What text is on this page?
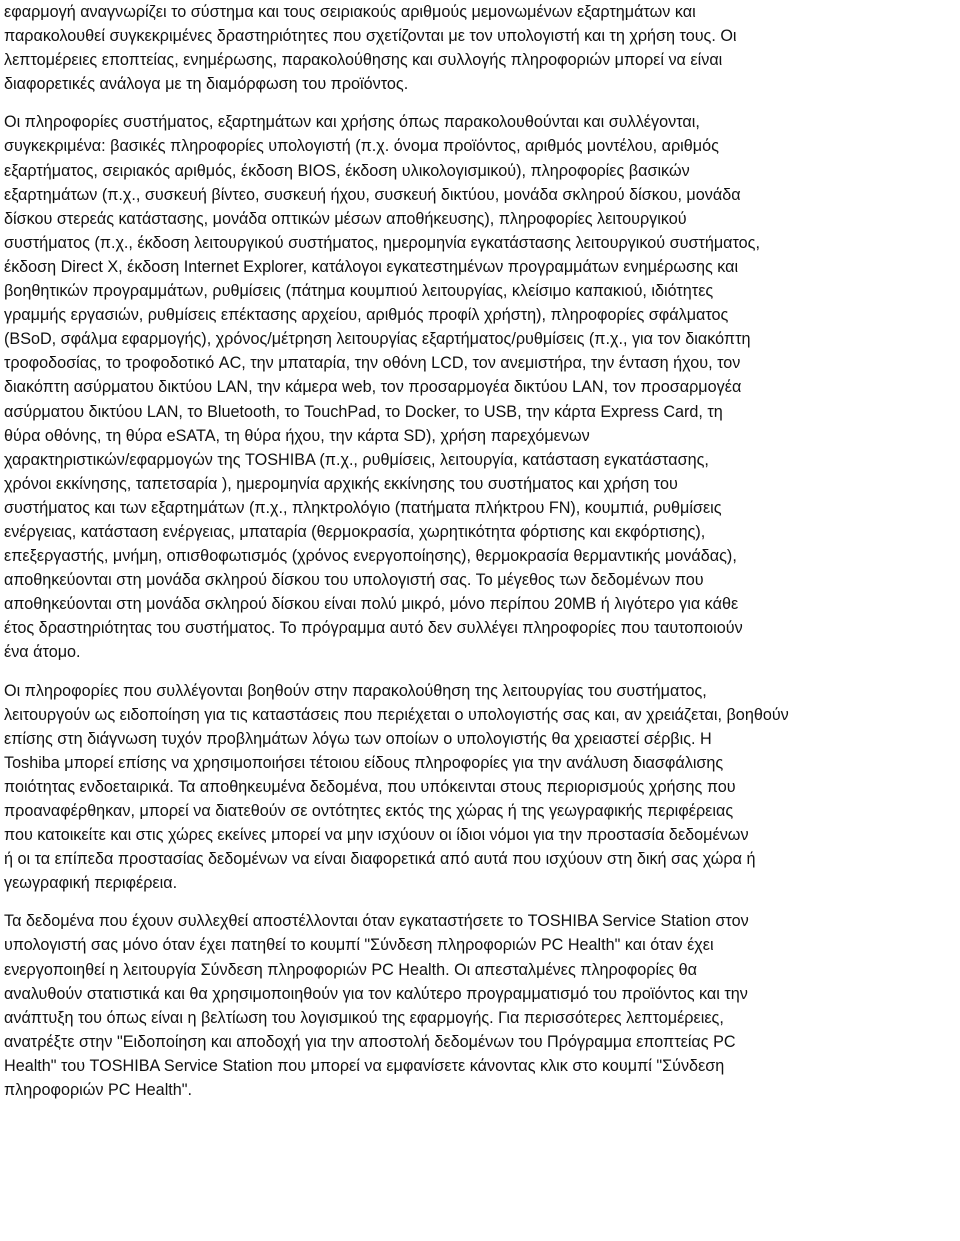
εφαρμογή αναγνωρίζει το σύστημα και τους σειριακούς αριθμούς μεμονωμένων εξαρτημάτων και
παρακολουθεί συγκεκριμένες δραστηριότητες που σχετίζονται με τον υπολογιστή και τη χρήση τους. Οι
λεπτομέρειες εποπτείας, ενημέρωσης, παρακολούθησης και συλλογής πληροφοριών μπορεί να είναι
διαφορετικές ανάλογα με τη διαμόρφωση του προϊόντος.

Οι πληροφορίες συστήματος, εξαρτημάτων και χρήσης όπως παρακολουθούνται και συλλέγονται,
συγκεκριμένα: βασικές πληροφορίες υπολογιστή (π.χ. όνομα προϊόντος, αριθμός μοντέλου, αριθμός
εξαρτήματος, σειριακός αριθμός, έκδοση BIOS, έκδοση υλικολογισμικού), πληροφορίες βασικών
εξαρτημάτων (π.χ., συσκευή βίντεο, συσκευή ήχου, συσκευή δικτύου, μονάδα σκληρού δίσκου, μονάδα
δίσκου στερεάς κατάστασης, μονάδα οπτικών μέσων αποθήκευσης), πληροφορίες λειτουργικού
συστήματος (π.χ., έκδοση λειτουργικού συστήματος, ημερομηνία εγκατάστασης λειτουργικού συστήματος,
έκδοση Direct X, έκδοση Internet Explorer, κατάλογοι εγκατεστημένων προγραμμάτων ενημέρωσης και
βοηθητικών προγραμμάτων, ρυθμίσεις (πάτημα κουμπιού λειτουργίας, κλείσιμο καπακιού, ιδιότητες
γραμμής εργασιών, ρυθμίσεις επέκτασης αρχείου, αριθμός προφίλ χρήστη), πληροφορίες σφάλματος
(BSoD, σφάλμα εφαρμογής), χρόνος/μέτρηση λειτουργίας εξαρτήματος/ρυθμίσεις (π.χ., για τον διακόπτη
τροφοδοσίας, το τροφοδοτικό AC, την μπαταρία, την οθόνη LCD, τον ανεμιστήρα, την ένταση ήχου, τον
διακόπτη ασύρματου δικτύου LAN, την κάμερα web, τον προσαρμογέα δικτύου LAN, τον προσαρμογέα
ασύρματου δικτύου LAN, το Bluetooth, το TouchPad, το Docker, το USB, την κάρτα Express Card, τη
θύρα οθόνης, τη θύρα eSATA, τη θύρα ήχου, την κάρτα SD), χρήση παρεχόμενων
χαρακτηριστικών/εφαρμογών της TOSHIBA (π.χ., ρυθμίσεις, λειτουργία, κατάσταση εγκατάστασης,
χρόνοι εκκίνησης, ταπετσαρία ), ημερομηνία αρχικής εκκίνησης του συστήματος και χρήση του
συστήματος και των εξαρτημάτων (π.χ., πληκτρολόγιο (πατήματα πλήκτρου FN), κουμπιά, ρυθμίσεις
ενέργειας, κατάσταση ενέργειας, μπαταρία (θερμοκρασία, χωρητικότητα φόρτισης και εκφόρτισης),
επεξεργαστής, μνήμη, οπισθοφωτισμός (χρόνος ενεργοποίησης), θερμοκρασία θερμαντικής μονάδας),
αποθηκεύονται στη μονάδα σκληρού δίσκου του υπολογιστή σας. Το μέγεθος των δεδομένων που
αποθηκεύονται στη μονάδα σκληρού δίσκου είναι πολύ μικρό, μόνο περίπου 20MB ή λιγότερο για κάθε
έτος δραστηριότητας του συστήματος. Το πρόγραμμα αυτό δεν συλλέγει πληροφορίες που ταυτοποιούν
ένα άτομο.

Οι πληροφορίες που συλλέγονται βοηθούν στην παρακολούθηση της λειτουργίας του συστήματος,
λειτουργούν ως ειδοποίηση για τις καταστάσεις που περιέχεται ο υπολογιστής σας και, αν χρειάζεται, βοηθούν
επίσης στη διάγνωση τυχόν προβλημάτων λόγω των οποίων ο υπολογιστής θα χρειαστεί σέρβις. Η
Toshiba μπορεί επίσης να χρησιμοποιήσει τέτοιου είδους πληροφορίες για την ανάλυση διασφάλισης
ποιότητας ενδοεταιρικά. Τα αποθηκευμένα δεδομένα, που υπόκεινται στους περιορισμούς χρήσης που
προαναφέρθηκαν, μπορεί να διατεθούν σε οντότητες εκτός της χώρας ή της γεωγραφικής περιφέρειας
που κατοικείτε και στις χώρες εκείνες μπορεί να μην ισχύουν οι ίδιοι νόμοι για την προστασία δεδομένων
ή οι τα επίπεδα προστασίας δεδομένων να είναι διαφορετικά από αυτά που ισχύουν στη δική σας χώρα ή
γεωγραφική περιφέρεια.

Τα δεδομένα που έχουν συλλεχθεί αποστέλλονται όταν εγκαταστήσετε το TOSHIBA Service Station στον
υπολογιστή σας μόνο όταν έχει πατηθεί το κουμπί "Σύνδεση πληροφοριών PC Health" και όταν έχει
ενεργοποιηθεί η λειτουργία Σύνδεση πληροφοριών PC Health. Οι απεσταλμένες πληροφορίες θα
αναλυθούν στατιστικά και θα χρησιμοποιηθούν για τον καλύτερο προγραμματισμό του προϊόντος και την
ανάπτυξη του όπως είναι η βελτίωση του λογισμικού της εφαρμογής. Για περισσότερες λεπτομέρειες,
ανατρέξτε στην "Ειδοποίηση και αποδοχή για την αποστολή δεδομένων του Πρόγραμμα εποπτείας PC
Health" του TOSHIBA Service Station που μπορεί να εμφανίσετε κάνοντας κλικ στο κουμπί "Σύνδεση
πληροφοριών PC Health".
